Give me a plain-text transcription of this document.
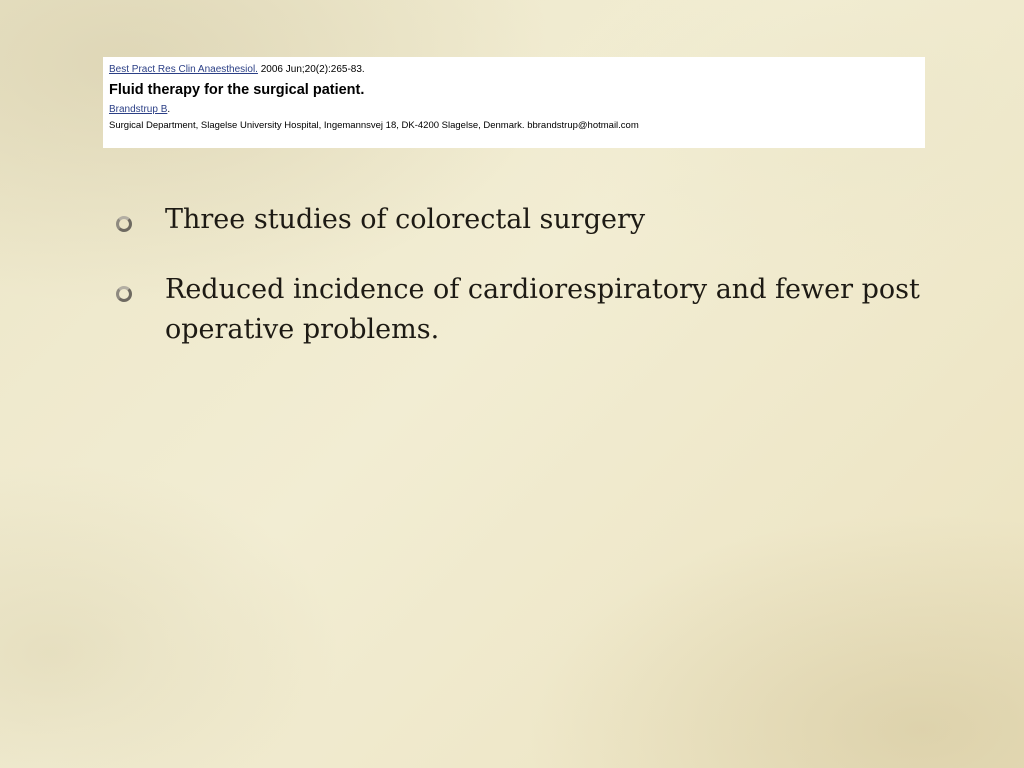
Best Pract Res Clin Anaesthesiol. 2006 Jun;20(2):265-83.
Fluid therapy for the surgical patient.
Brandstrup B.
Surgical Department, Slagelse University Hospital, Ingemannsvej 18, DK-4200 Slagelse, Denmark. bbrandstrup@hotmail.com
Three studies of colorectal surgery
Reduced incidence of cardiorespiratory and fewer post operative problems.
